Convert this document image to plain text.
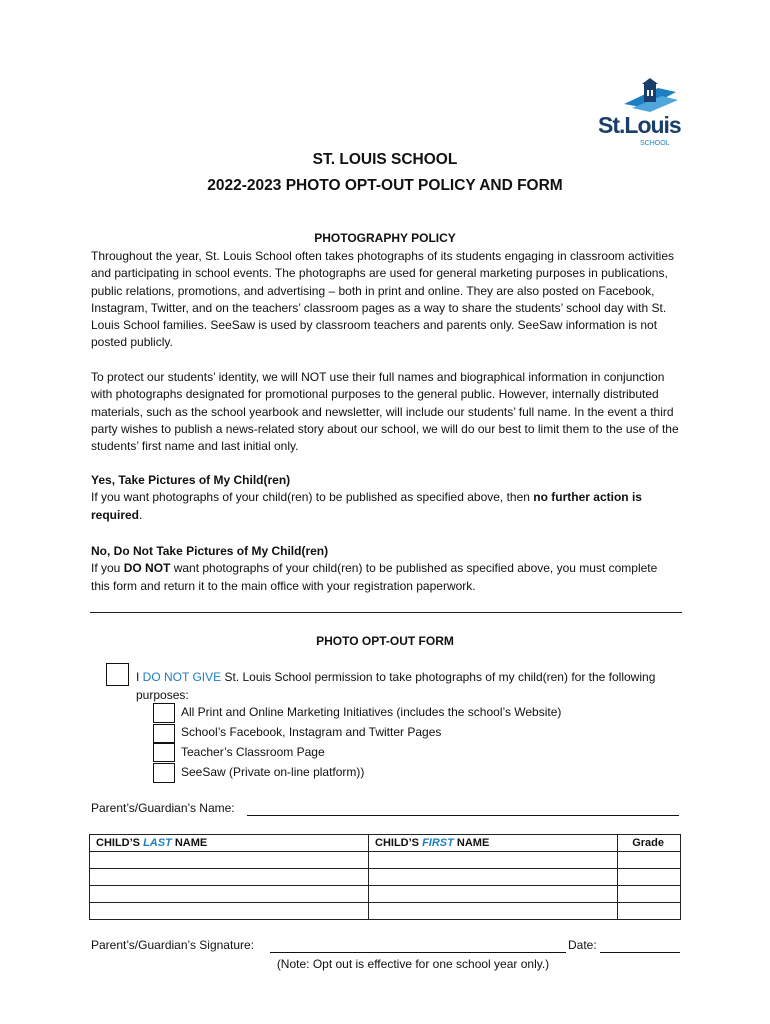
St.Louis
SCHOOL
ST. LOUIS SCHOOL
2022-2023 PHOTO OPT-OUT POLICY AND FORM
PHOTOGRAPHY POLICY

Throughout the year, St. Louis School often takes photographs of its students engaging in classroom activities and participating in school events. The photographs are used for general marketing purposes in publications, public relations, promotions, and advertising – both in print and online. They are also posted on Facebook, Instagram, Twitter, and on the teachers’ classroom pages as a way to share the students’ school day with St. Louis School families. SeeSaw is used by classroom teachers and parents only. SeeSaw information is not posted publicly.

To protect our students’ identity, we will NOT use their full names and biographical information in conjunction with photographs designated for promotional purposes to the general public. However, internally distributed materials, such as the school yearbook and newsletter, will include our students’ full name. In the event a third party wishes to publish a news-related story about our school, we will do our best to limit them to the use of the students’ first name and last initial only.

Yes, Take Pictures of My Child(ren)

If you want photographs of your child(ren) to be published as specified above, then no further action is required.

No, Do Not Take Pictures of My Child(ren)

If you DO NOT want photographs of your child(ren) to be published as specified above, you must complete this form and return it to the main office with your registration paperwork.

PHOTO OPT-OUT FORM
I DO NOT GIVE St. Louis School permission to take photographs of my child(ren) for the following purposes:
All Print and Online Marketing Initiatives (includes the school’s Website)
School’s Facebook, Instagram and Twitter Pages
Teacher’s Classroom Page
SeeSaw (Private on-line platform))
Parent’s/Guardian’s Name:
CHILD’S LAST NAME	CHILD’S FIRST NAME	Grade

Parent’s/Guardian’s Signature:	Date:
(Note: Opt out is effective for one school year only.)
